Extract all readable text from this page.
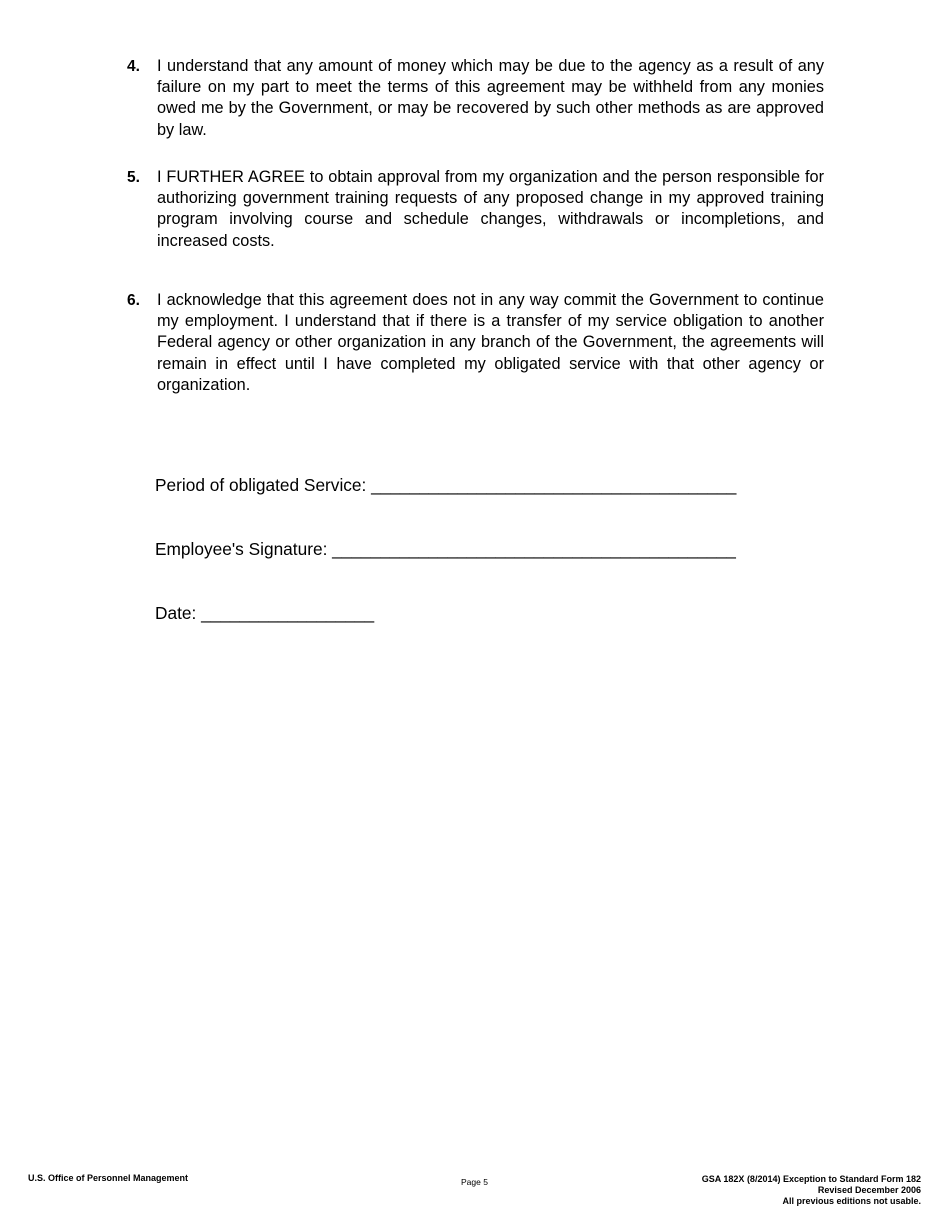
4. I understand that any amount of money which may be due to the agency as a result of any failure on my part to meet the terms of this agreement may be withheld from any monies owed me by the Government, or may be recovered by such other methods as are approved by law.
5. I FURTHER AGREE to obtain approval from my organization and the person responsible for authorizing government training requests of any proposed change in my approved training program involving course and schedule changes, withdrawals or incompletions, and increased costs.
6. I acknowledge that this agreement does not in any way commit the Government to continue my employment. I understand that if there is a transfer of my service obligation to another Federal agency or other organization in any branch of the Government, the agreements will remain in effect until I have completed my obligated service with that other agency or organization.
Period of obligated Service: ______________________________________
Employee's Signature: __________________________________________
Date: __________________
U.S. Office of Personnel Management	Page 5	GSA 182X (8/2014) Exception to Standard Form 182
Revised December 2006
All previous editions not usable.
